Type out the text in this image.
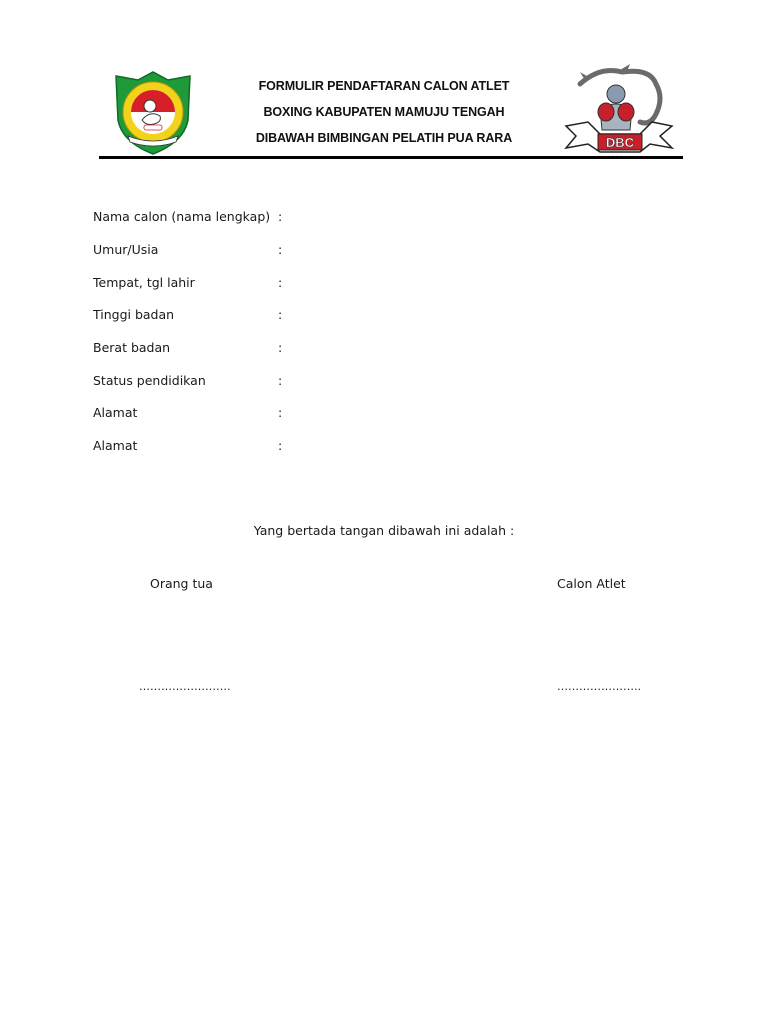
FORMULIR PENDAFTARAN CALON ATLET
BOXING KABUPATEN MAMUJU TENGAH
DIBAWAH BIMBINGAN PELATIH PUA RARA	DBC
Nama calon (nama lengkap) :
Umur/Usia	:
Tempat, tgl lahir	:
Tinggi badan	:
Berat badan	:
Status pendidikan	:
Alamat	:
Alamat	:
Yang bertada tangan dibawah ini adalah :
Orang tua	Calon Atlet
…………………….	…………………..
